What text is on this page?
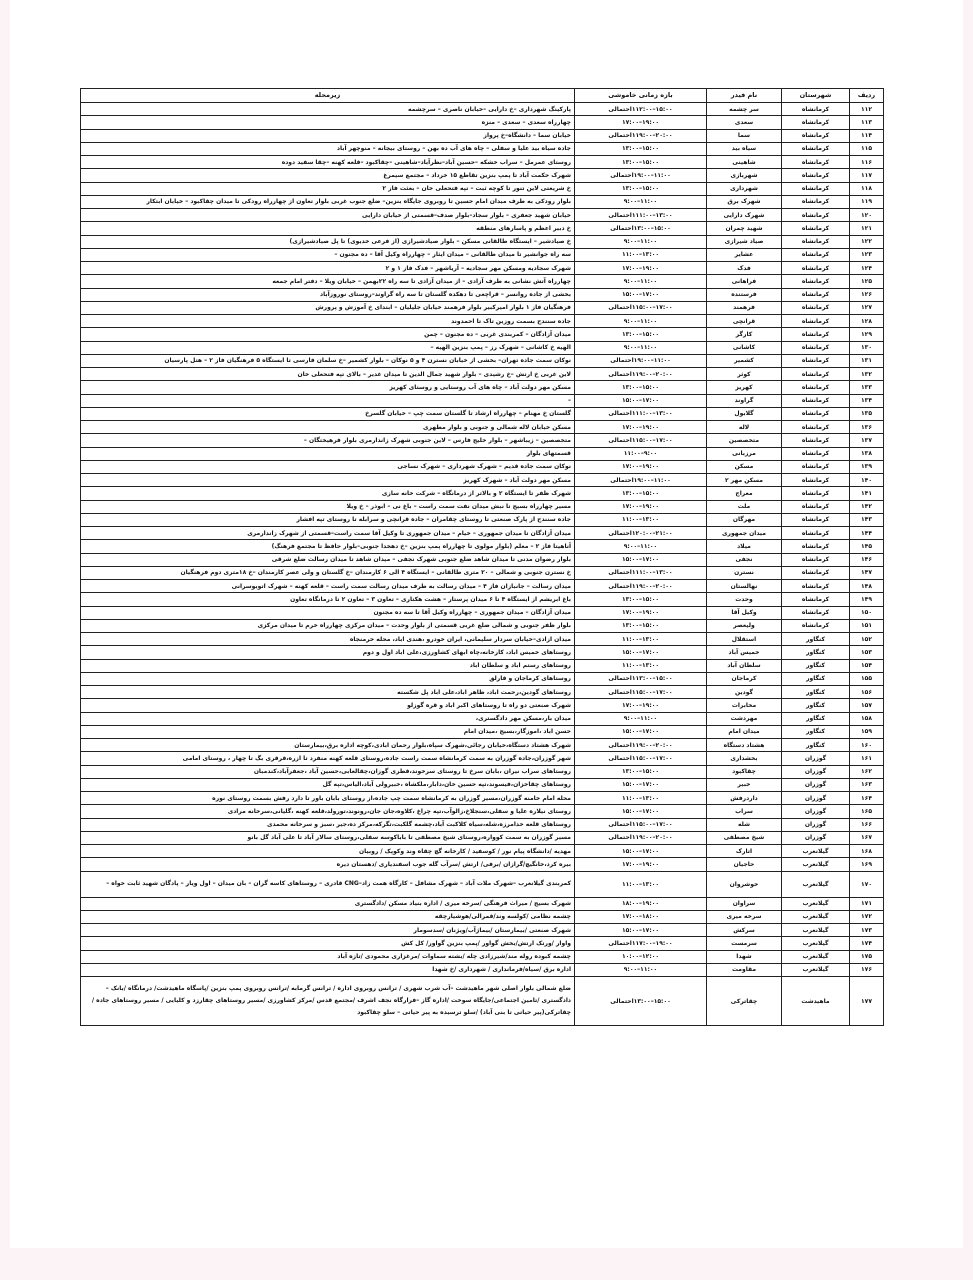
ردیف	شهرستان	نام فیدر	بازه زمانی خاموشی	زیرمحله
۱۱۲	کرمانشاه	سر چشمه	۱۵:۰۰–۱۱۲:۰۰احتمالی	پارکینگ شهرداری –خ دارایی –خیابان ناصری – سرچشمه
۱۱۳	کرمانشاه	سعدی	۱۹:۰۰–۱۷:۰۰	چهارراه سعدی – سعدی – منزه
۱۱۴	کرمانشاه	سما	۲۰:۰۰–۱۱۹:۰۰احتمالی	خیابان سما – دانشگاه–خ پرواز
۱۱۵	کرمانشاه	سیاه بید	۱۵:۰۰–۱۳:۰۰	جاده سیاه بید علیا و سفلی – چاه های آب ده بهن – روستای بیجانه – منوچهر آباد
۱۱۶	کرمانشاه	شاهینی	۱۵:۰۰–۱۳:۰۰	روستای عمرمل – سراب خشکه –حسین آباد–نظرآباد–شاهینی –چقاکبود –قلعه کهنه –چقا سفید دوده
۱۱۷	کرمانشاه	شهربازی	۱۱:۰۰–۱۹:۰۰احتمالی	شهرک حکمت آباد تا پمپ بنزین تقاطع ۱۵ خرداد – مجتمع سیمرغ
۱۱۸	کرمانشاه	شهرداری	۱۵:۰۰–۱۳:۰۰	خ شریعتی لاین تنور تا کوچه ثبت – تپه فتحعلی خان – بعثت فاز ۲
۱۱۹	کرمانشاه	شهرک برق	۱۱:۰۰–۹:۰۰	بلوار رودکی به طرف میدان امام حسین تا روبروی جایگاه بنزین– ضلع جنوب غربی بلوار تعاون از چهارراه رودکی تا میدان چقاکبود – خیابان ابتکار
۱۲۰	کرمانشاه	شهرک دارایی	۱۳:۰۰–۱۱۱:۰۰احتمالی	خیابان شهید جعفری – بلوار سجاد–بلوار صدف–قسمتی از خیابان دارایی
۱۲۱	کرمانشاه	شهید چمران	۱۵:۰۰–۱۳:۰۰احتمالی	خ دبیر اعظم و پاسارهای منطقه
۱۲۲	کرمانشاه	صیاد شیرازی	۱۱:۰۰–۹:۰۰	خ صیادشیر – ایستگاه طالقانی مسکن – بلوار صیادشیرازی (از فرعی خدیوی) تا پل صیادشیرازی)
۱۲۳	کرمانشاه	عشایر	۱۳:۰۰–۱۱:۰۰	سه راه جوانشیر تا میدان طالقانی – میدان ایثار – چهارراه وکیل آقا – ده مجنون –
۱۲۴	کرمانشاه	فدک	۱۹:۰۰–۱۷:۰۰	شهرک سجادیه ومسکن مهر سجادیه – آریاشهر – فدک فاز ۱ و ۲
۱۲۵	کرمانشاه	فراهانی	۱۱:۰۰–۹:۰۰	چهارراه آتش نشانی به طرف آزادی – از میدان آزادی تا سه راه ۲۲بهمن – خیابان ویلا – دفتر امام جمعه
۱۲۶	کرمانشاه	فرستنده	۱۷:۰۰–۱۵:۰۰	بخشی از جاده روانسر – قراچغی تا دهکده گلستان تا سه راه گراوند–روستای نوروزآباد
۱۲۷	کرمانشاه	فرهمند	۱۷:۰۰–۱۱۵:۰۰احتمالی	فرهنگیان فاز ۱ بلوار امیرکبیر بلوار فرهمند خیابان جلیلیان – ابتدای خ آموزش و پرورش
۱۲۸	کرمانشاه	قرانچی	۱۱:۰۰–۹:۰۰	جاده سنندج بسمت روزین تاک تا احمدوند
۱۲۹	کرمانشاه	کارگر	۱۵:۰۰–۱۳:۰۰	میدان آزادگان – کمربندی غربی – ده مجنون – چمن
۱۳۰	کرمانشاه	کاشانی	۱۱:۰۰–۹:۰۰	الهیه خ کاشانی – شهرک رز – پمپ بنزین الهیه –
۱۳۱	کرمانشاه	کشمیر	۱۱:۰۰–۱۹:۰۰احتمالی	نوکان سمت جاده تهران– بخشی از خیابان نسترن ۴ و ۵ نوکان – بلوار کشمیر –خ سلمان فارسی تا ایستگاه ۵ فرهنگیان فاز ۲ – هتل پارسیان
۱۳۲	کرمانشاه	کوثر	۲۰:۰۰–۱۱۹:۰۰احتمالی	لاین غربی خ ارتش –خ رشیدی – بلوار شهید جمال الدین تا میدان غدیر – بالای تپه فتحعلی خان
۱۳۳	کرمانشاه	کهریز	۱۵:۰۰–۱۳:۰۰	مسکن مهر دولت آباد – چاه های آب روستایی و روستای کهریز
۱۳۴	کرمانشاه	گراوند	۱۷:۰۰–۱۵:۰۰	–
۱۳۵	کرمانشاه	گلابول	۱۳:۰۰–۱۱۱:۰۰احتمالی	گلستان خ مهنام – چهارراه ارشاد تا گلستان سمت چپ – خیابان گلسرخ
۱۳۶	کرمانشاه	لاله	۱۹:۰۰–۱۷:۰۰	مسکن خیابان لاله شمالی و جنوبی و بلوار مطهری
۱۳۷	کرمانشاه	متخصصین	۱۷:۰۰–۱۱۵:۰۰احتمالی	متخصصین – زیباشهر – بلوار خلیج فارس – لاین جنوبی شهرک زاندارمری بلوار فرهیختگان –
۱۳۸	کرمانشاه	مرزبانی	۹:۰۰–۱۱:۰۰	قسمتهای بلوار
۱۳۹	کرمانشاه	مسکن	۱۹:۰۰–۱۷:۰۰	نوکان سمت جاده قدیم – شهرک شهرداری – شهرک نساجی
۱۴۰	کرمانشاه	مسکن مهر ۲	۱۱:۰۰–۱۹:۰۰احتمالی	مسکن مهر دولت آباد – شهرک کهریز
۱۴۱	کرمانشاه	معراج	۱۵:۰۰–۱۳:۰۰	شهرک ظفر تا ایستگاه ۲ و بالاتر از درمانگاه – شرکت خانه سازی
۱۴۲	کرمانشاه	ملت	۱۹:۰۰–۱۷:۰۰	مسیر چهارراه بسیج تا نبش میدان نفت سمت راست – باغ نی – ابوذر – خ ویلا
۱۴۳	کرمانشاه	مهرگان	۱۳:۰۰–۱۱:۰۰	جاده سنندج از پارک صنعتی تا روستای چقامران – جاده قرانچی و سرابله تا روستای تپه افشار
۱۴۴	کرمانشاه	میدان جمهوری	۲۱:۰۰–۱۲۰:۰۰احتمالی	میدان آزادگان تا میدان جمهوری – خیام – میدان جمهوری تا وکیل آقا سمت راست–قسمتی از شهرک زاندارمری
۱۴۵	کرمانشاه	میلاد	۱۱:۰۰–۹:۰۰	آناهیتا فاز ۲ – معلم (بلوار مولوی تا چهارراه پمپ بنزین –خ دهخدا جنوبی–بلوار حافظ تا مجتمع فرهنگ)
۱۴۶	کرمانشاه	نجفی	۱۷:۰۰–۱۵:۰۰	بلوار رضوان مدنی تا میدان شاهد ضلع جنوبی شهرک نجفی – میدان شاهد تا میدان رسالت ضلع شرقی
۱۴۷	کرمانشاه	نسترن	۱۳:۰۰–۱۱۱:۰۰احتمالی	خ نسترن جنوبی و شمالی – ۲۰ متری طالقانی – ایستگاه ۴ الی ۶ کارمندان –خ گلستان و ولی عصر کارمندان –خ ۱۸متری دوم فرهنگیان
۱۴۸	کرمانشاه	نهالستان	۲۰:۰۰–۱۱۹:۰۰احتمالی	میدان رسالت – جانبازان فاز ۴ – میدان رسالت به طرف میدان رسالت سمت راست – قلعه کهنه – شهرک اتوبوسرانی
۱۴۹	کرمانشاه	وحدت	۱۵:۰۰–۱۳:۰۰	باغ ابریشم از ایستگاه ۴ تا ۶ میدان پرستار – هشت هکتاری – تعاون ۳ – تعاون ۲ تا درمانگاه تعاون
۱۵۰	کرمانشاه	وکیل آقا	۱۹:۰۰–۱۷:۰۰	میدان آزادگان – میدان جمهوری – چهارراه وکیل آقا تا سه ده مجنون
۱۵۱	کرمانشاه	ولیعصر	۱۵:۰۰–۱۳:۰۰	بلوار ظفر جنوبی و شمالی ضلع غربی قسمتی از بلوار وحدت – میدان مرکزی چهارراه خرم تا میدان مرکزی
۱۵۲	کنگاور	استقلال	۱۳:۰۰–۱۱:۰۰	میدان ازادی–خیابان سردار سلیمانی، ایران خودرو ،هندی اباد، محله خرمنجاه
۱۵۳	کنگاور	خمیس آباد	۱۷:۰۰–۱۵:۰۰	روستاهای خمیس اباد، کارخانه،چاه ابهای کشاورزی،علی اباد اول و دوم
۱۵۴	کنگاور	سلطان آباد	۱۳:۰۰–۱۱:۰۰	روستاهای رستم اباد و سلطان اباد
۱۵۵	کنگاور	کرماجان	۱۵:۰۰–۱۱۳:۰۰احتمالی	روستاهای کرماجان و قارلق
۱۵۶	کنگاور	گودین	۱۷:۰۰–۱۱۵:۰۰احتمالی	روستاهای گودین،رحمت اباد، ظاهر اباد،علی اباد پل شکسته
۱۵۷	کنگاور	مخابرات	۱۹:۰۰–۱۷:۰۰	شهرک صنعتی دو راه تا روستاهای اکبر اباد و قره گوزلو
۱۵۸	کنگاور	مهردشت	۱۱:۰۰–۹:۰۰	میدان بار،مسکن مهر دادگستری،
۱۵۹	کنگاور	میدان امام	۱۷:۰۰–۱۵:۰۰	حسن اباد ،اموزگار،بسیج ،میدان امام
۱۶۰	کنگاور	هشتاد دستگاه	۲۰:۰۰–۱۱۹:۰۰احتمالی	شهرک هشتاد دستگاه،خیابان رجائی،شهرک سپاه،بلوار رحمان ابادی،کوچه اداره برق،بیمارستان
۱۶۱	گوزران	بخشداری	۱۷:۰۰–۱۱۵:۰۰احتمالی	شهر گوزران،جاده گوزران به سمت کرمانشاه سمت راست جاده،روستای قلعه کهنه منفرد تا ازره،قرقری بگ تا چهار ، روستای امامی
۱۶۲	گوزران	چقاکبود	۱۵:۰۰–۱۳:۰۰	روستاهای سراب نیران ،بابان سرخ تا روستای سرخوند،قطری گوزان،چقالعابی،حسین آباد ،جعفرآباد،کندمبان
۱۶۳	گوزران	خبیر	۱۷:۰۰–۱۵:۰۰	روستاهای چقاخزان،فیسوند،تپه حسین خان،دابار،ملکشاه ،خبیرولی آباد،الیاس،تپه گل
۱۶۴	گوزران	داردرفش	۱۳:۰۰–۱۱:۰۰	محله امام خامنه گوزران،مسیر گوزران به کرمانشاه سمت چپ جاده،از روستای بابان باور تا دارد رفش بسمت روستای نوره
۱۶۵	گوزران	سراب	۱۷:۰۰–۱۵:۰۰	روستای نیلاره علیا و سفلی،سنجلاخ،زالوآب،تپه چراغ ،کلاوه،جان جان،رونوند،تورولد،قلعه کهنه ،گلیانی،سرخانه مرادی
۱۶۶	گوزران	شله	۱۷:۰۰–۱۱۵:۰۰احتمالی	روستاهای قلعه خدامرزه،شله،سیاه کلاکبت آباد،چشمه گلکبت،تگرکه،مرکز ده،جیر ،سبز و سرخانه محمدی
۱۶۷	گوزران	شیخ مصطفی	۲۰:۰۰–۱۱۹:۰۰احتمالی	مسیر گوزران به سمت کوواره،روستای شیخ مصطفی تا باباکوسه سفلی،روستای سالار آباد تا علی آباد گل بانو
۱۶۸	گیلانغرب	اتارک	۱۷:۰۰–۱۵:۰۰	مهدیه /دانشگاه پیام نور / کوسفید / کارخانه گچ چقاه وند وکوپک / روبیان
۱۶۹	گیلانغرب	حاجیان	۱۹:۰۰–۱۷:۰۰	بیره کرد،خانگیچ/گرازان /برفی/ ارتش /سرآب گله جوب اسفندیاری /دهستان دیره
۱۷۰	گیلانغرب	خوشروان	۱۳:۰۰–۱۱:۰۰	کمربندی گیلانغرب –شهرک ملات آباد – شهرک مشافل – کارگاه همت زاد–CNG قادری – روستاهای کاسه گران – بان میدان – اول ویار – پادگان شهید ثابت خواه –
۱۷۱	گیلانغرب	سراوان	۱۹:۰۰–۱۸:۰۰	شهرک بسیج / میراث فرهنگی /سرخه میری / اداره بنیاد مسکن /دادگستری
۱۷۲	گیلانغرب	سرخه میری	۱۸:۰۰–۱۷:۰۰	چشمه نظامی /کولسه وند/قمرالی/هوشیارچقه
۱۷۳	گیلانغرب	سرکش	۱۷:۰۰–۱۵:۰۰	شهرک صنعتی /بیمارستان /بیماژآب/ویژنان /سدسومار
۱۷۴	گیلانغرب	سرمست	۱۹:۰۰–۱۱۷:۰۰احتمالی	واوار /ورتک ارتش/بخش گواور /پمپ بنزین گواور/ کل کش
۱۷۵	گیلانغرب	شهدا	۱۲:۰۰–۱۰:۰۰	چشمه کبوده روله مند/شیرزادی چله /بشته سماوات /مرغزاری محمودی /تازه آباد
۱۷۶	گیلانغرب	مقاومت	۱۱:۰۰–۹:۰۰	اداره برق /سیاه/فرمانداری / شهرداری /خ شهدا
۱۷۷	ماهیدشت	چقاترکی	۱۵:۰۰–۱۳:۰۰احتمالی	ضلع شمالی بلوار اصلی شهر ماهیدشت –آب شرب شهری / ترانس روبروی اداره / ترانس گرمابه /ترانس روبروی پمپ بنزین /پاسگاه ماهیدشت/ درمانگاه /بانک – دادگستری /تامین اجتماعی/جایگاه سوخت /اداره گاز –فرارگاه نجف اشرف /مجتمع قدس /مرکز کشاورزی /مسیر روستاهای چقارزد و کلیایی / مسیر روستاهای جاده / چقاترکی(پیر حیاتی تا بنی آباد) /سلو ترسیده به پیر حیاتی – سلو چقاکبود
